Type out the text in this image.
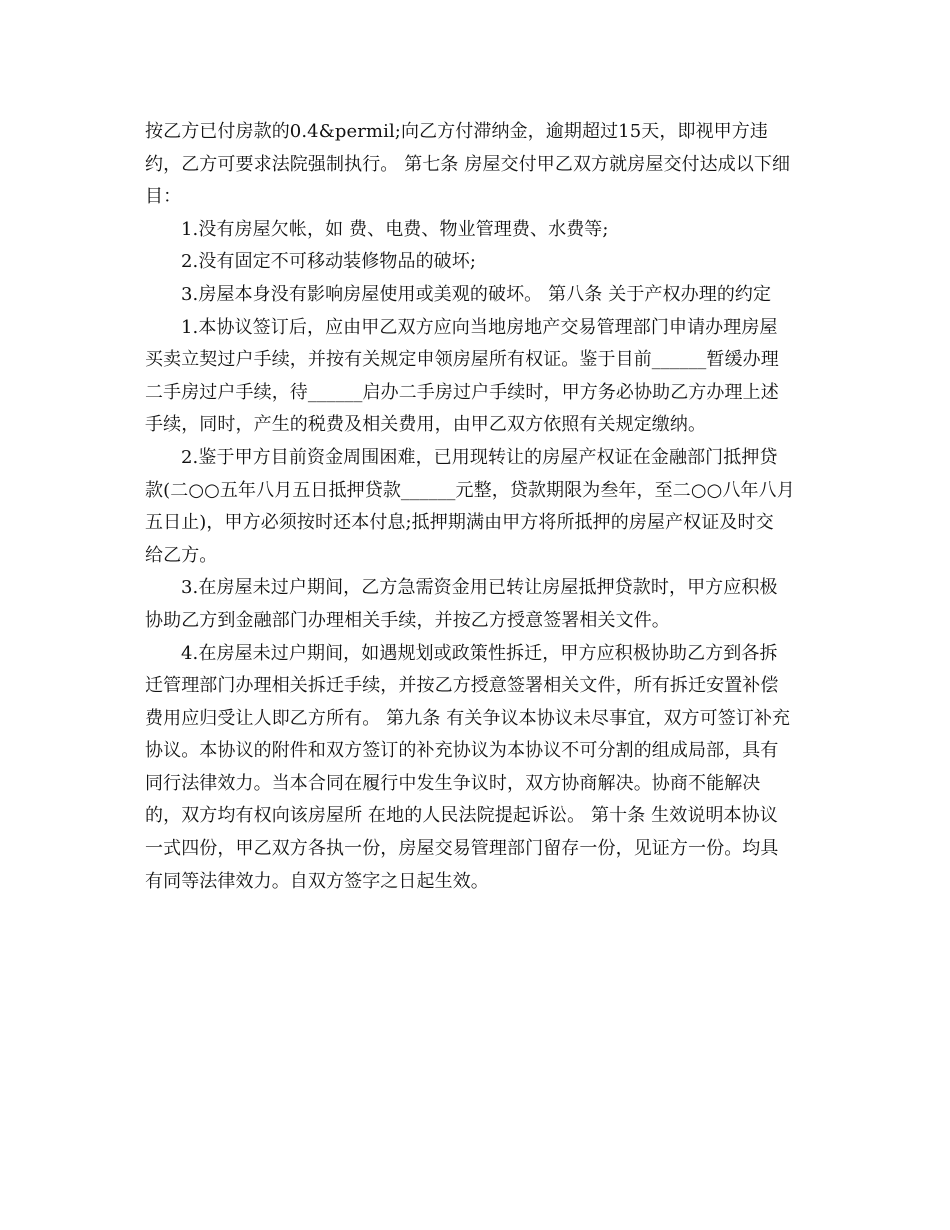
按乙方已付房款的0.4&permil;向乙方付滞纳金，逾期超过15天，即视甲方违
约，乙方可要求法院强制执行。 第七条 房屋交付甲乙双方就房屋交付达成以下细
目：
1.没有房屋欠帐，如 费、电费、物业管理费、水费等;
2.没有固定不可移动装修物品的破坏;
3.房屋本身没有影响房屋使用或美观的破坏。 第八条 关于产权办理的约定
1.本协议签订后，应由甲乙双方应向当地房地产交易管理部门申请办理房屋
买卖立契过户手续，并按有关规定申领房屋所有权证。鉴于目前______暂缓办理
二手房过户手续，待______启办二手房过户手续时，甲方务必协助乙方办理上述
手续，同时，产生的税费及相关费用，由甲乙双方依照有关规定缴纳。
2.鉴于甲方目前资金周围困难，已用现转让的房屋产权证在金融部门抵押贷
款(二○○五年八月五日抵押贷款______元整，贷款期限为叁年，至二○○八年八月
五日止)，甲方必须按时还本付息;抵押期满由甲方将所抵押的房屋产权证及时交
给乙方。
3.在房屋未过户期间，乙方急需资金用已转让房屋抵押贷款时，甲方应积极
协助乙方到金融部门办理相关手续，并按乙方授意签署相关文件。
4.在房屋未过户期间，如遇规划或政策性拆迁，甲方应积极协助乙方到各拆
迁管理部门办理相关拆迁手续，并按乙方授意签署相关文件，所有拆迁安置补偿
费用应归受让人即乙方所有。 第九条 有关争议本协议未尽事宜，双方可签订补充
协议。本协议的附件和双方签订的补充协议为本协议不可分割的组成局部，具有
同行法律效力。当本合同在履行中发生争议时，双方协商解决。协商不能解决
的，双方均有权向该房屋所 在地的人民法院提起诉讼。 第十条 生效说明本协议
一式四份，甲乙双方各执一份，房屋交易管理部门留存一份，见证方一份。均具
有同等法律效力。自双方签字之日起生效。
